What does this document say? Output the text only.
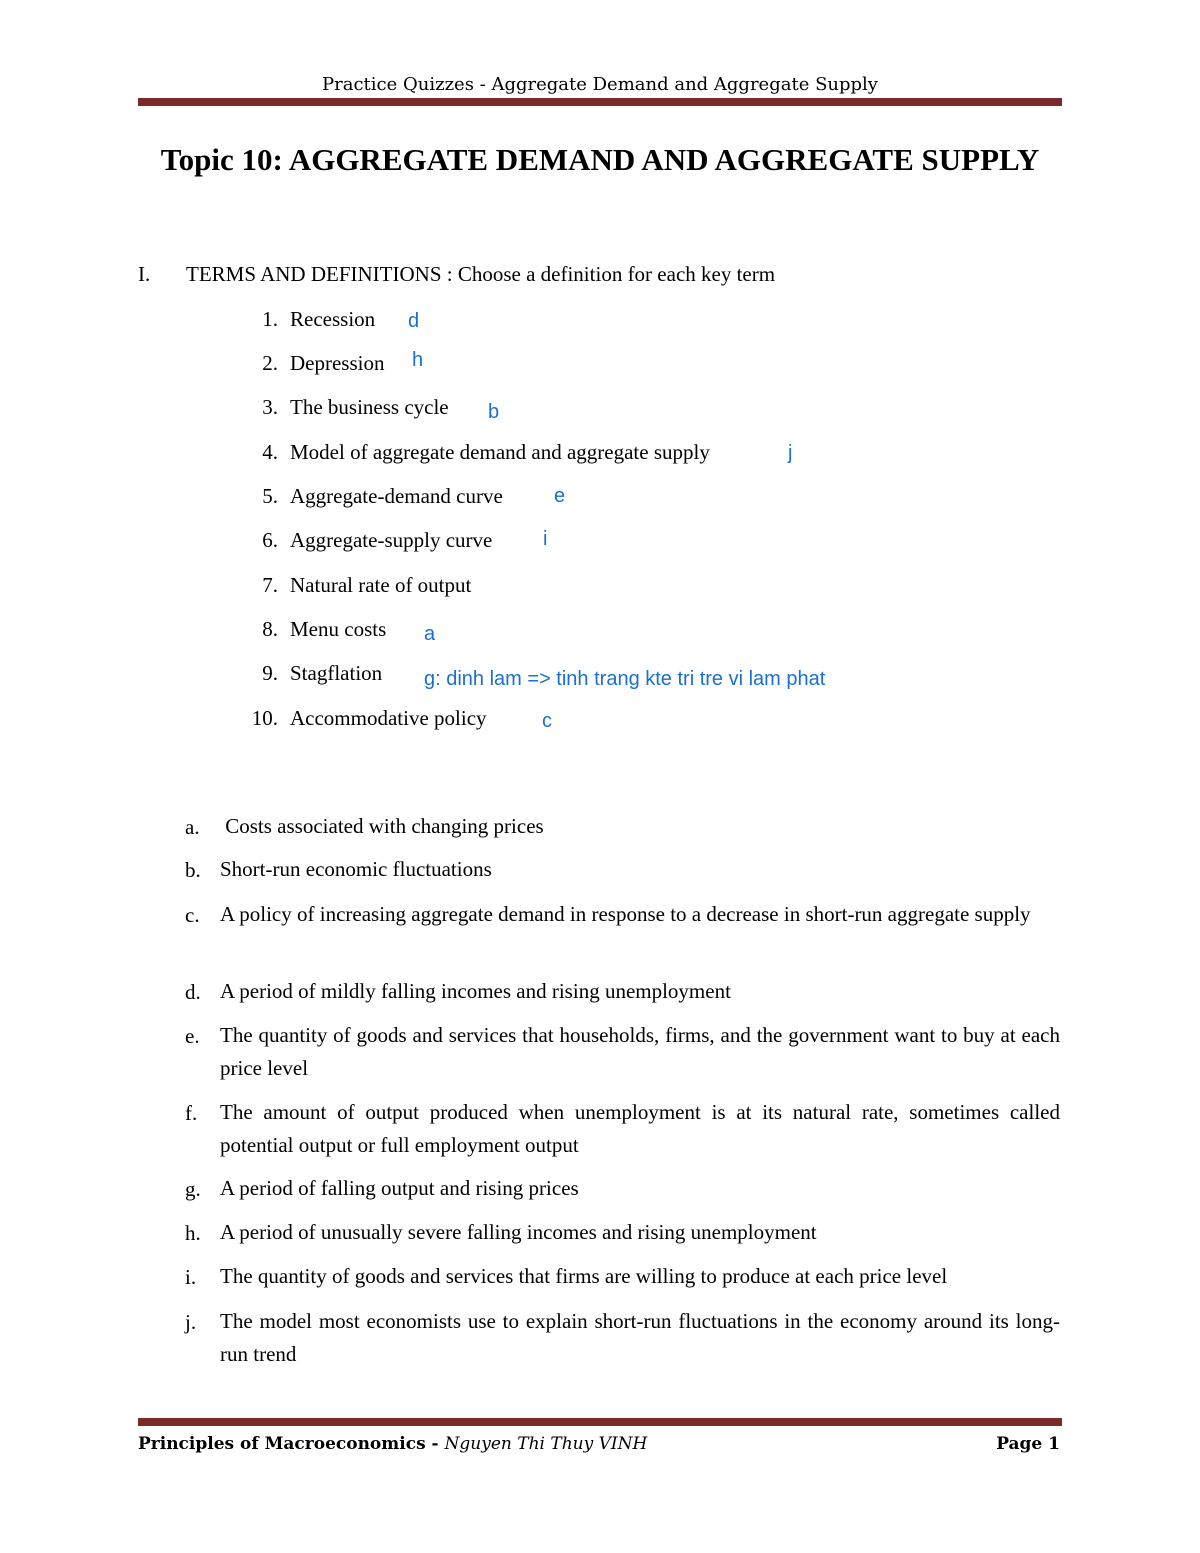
Practice Quizzes - Aggregate Demand and Aggregate Supply
Topic 10: AGGREGATE DEMAND AND AGGREGATE SUPPLY
I. TERMS AND DEFINITIONS : Choose a definition for each key term
1. Recession d
2. Depression h
3. The business cycle b
4. Model of aggregate demand and aggregate supply	j
5. Aggregate-demand curve	e
6. Aggregate-supply curve	i
7. Natural rate of output
8. Menu costs a
9. Stagflation g: dinh lam => tinh trang kte tri tre vi lam phat
10. Accommodative policy	c
a. Costs associated with changing prices
b. Short-run economic fluctuations
c. A policy of increasing aggregate demand in response to a decrease in short-run aggregate supply
d. A period of mildly falling incomes and rising unemployment
e. The quantity of goods and services that households, firms, and the government want to buy at each price level
f. The amount of output produced when unemployment is at its natural rate, sometimes called potential output or full employment output
g. A period of falling output and rising prices
h. A period of unusually severe falling incomes and rising unemployment
i. The quantity of goods and services that firms are willing to produce at each price level
j. The model most economists use to explain short-run fluctuations in the economy around its long-run trend
Principles of Macroeconomics - Nguyen Thi Thuy VINH	Page 1
